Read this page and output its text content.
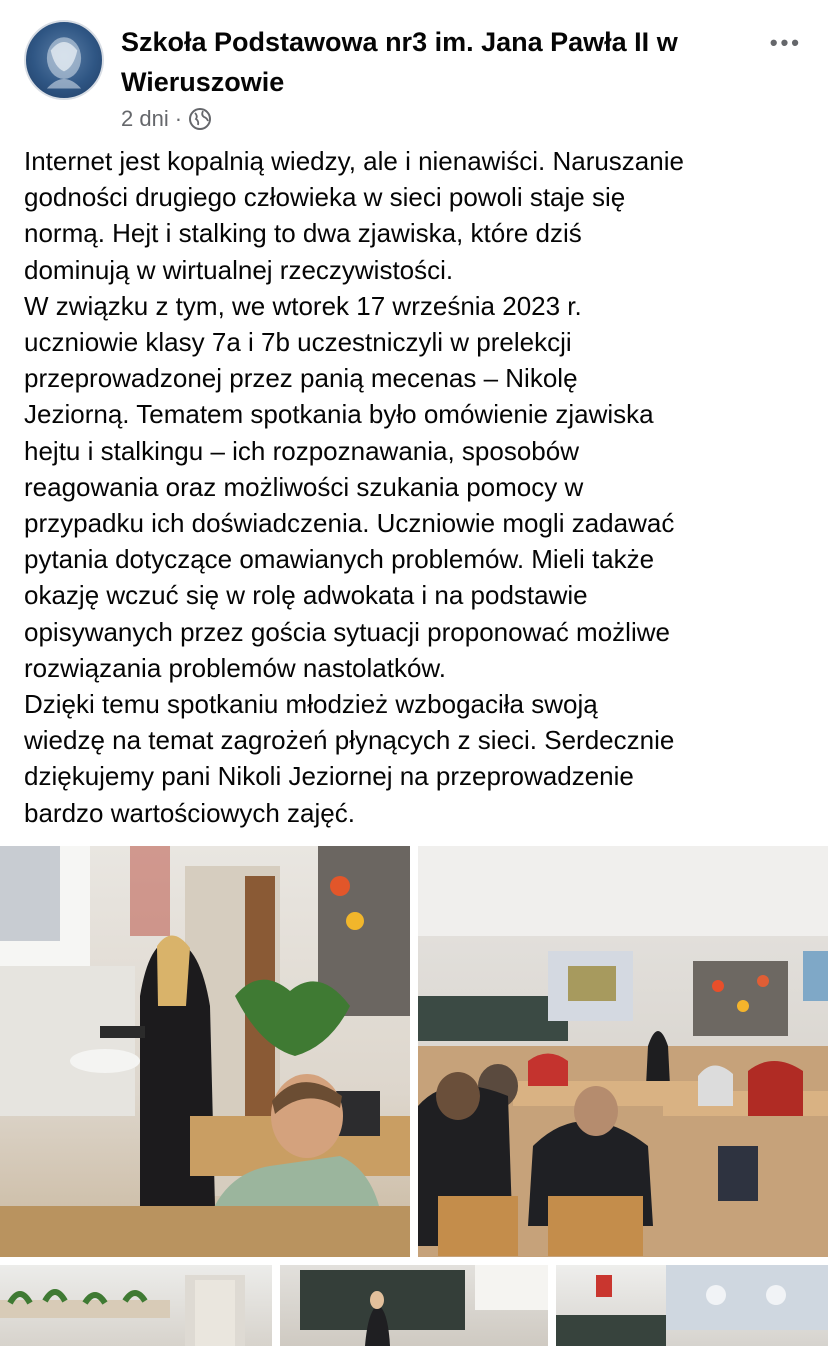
Szkoła Podstawowa nr3 im. Jana Pawła II w Wieruszowie
•••
2 dni ·
Internet jest kopalnią wiedzy, ale i nienawiści. Naruszanie
godności drugiego człowieka w sieci powoli staje się
normą. Hejt i stalking to dwa zjawiska, które dziś
dominują w wirtualnej rzeczywistości.
W związku z tym, we wtorek 17 września 2023 r.
uczniowie klasy 7a i 7b uczestniczyli w prelekcji
przeprowadzonej przez panią mecenas – Nikolę
Jeziorną. Tematem spotkania było omówienie zjawiska
hejtu i stalkingu – ich rozpoznawania, sposobów
reagowania oraz możliwości szukania pomocy w
przypadku ich doświadczenia. Uczniowie mogli zadawać
pytania dotyczące omawianych problemów. Mieli także
okazję wczuć się w rolę adwokata i na podstawie
opisywanych przez gościa sytuacji proponować możliwe
rozwiązania problemów nastolatków.
Dzięki temu spotkaniu młodzież wzbogaciła swoją
wiedzę na temat zagrożeń płynących z sieci. Serdecznie
dziękujemy pani Nikoli Jeziornej na przeprowadzenie
bardzo wartościowych zajęć.
